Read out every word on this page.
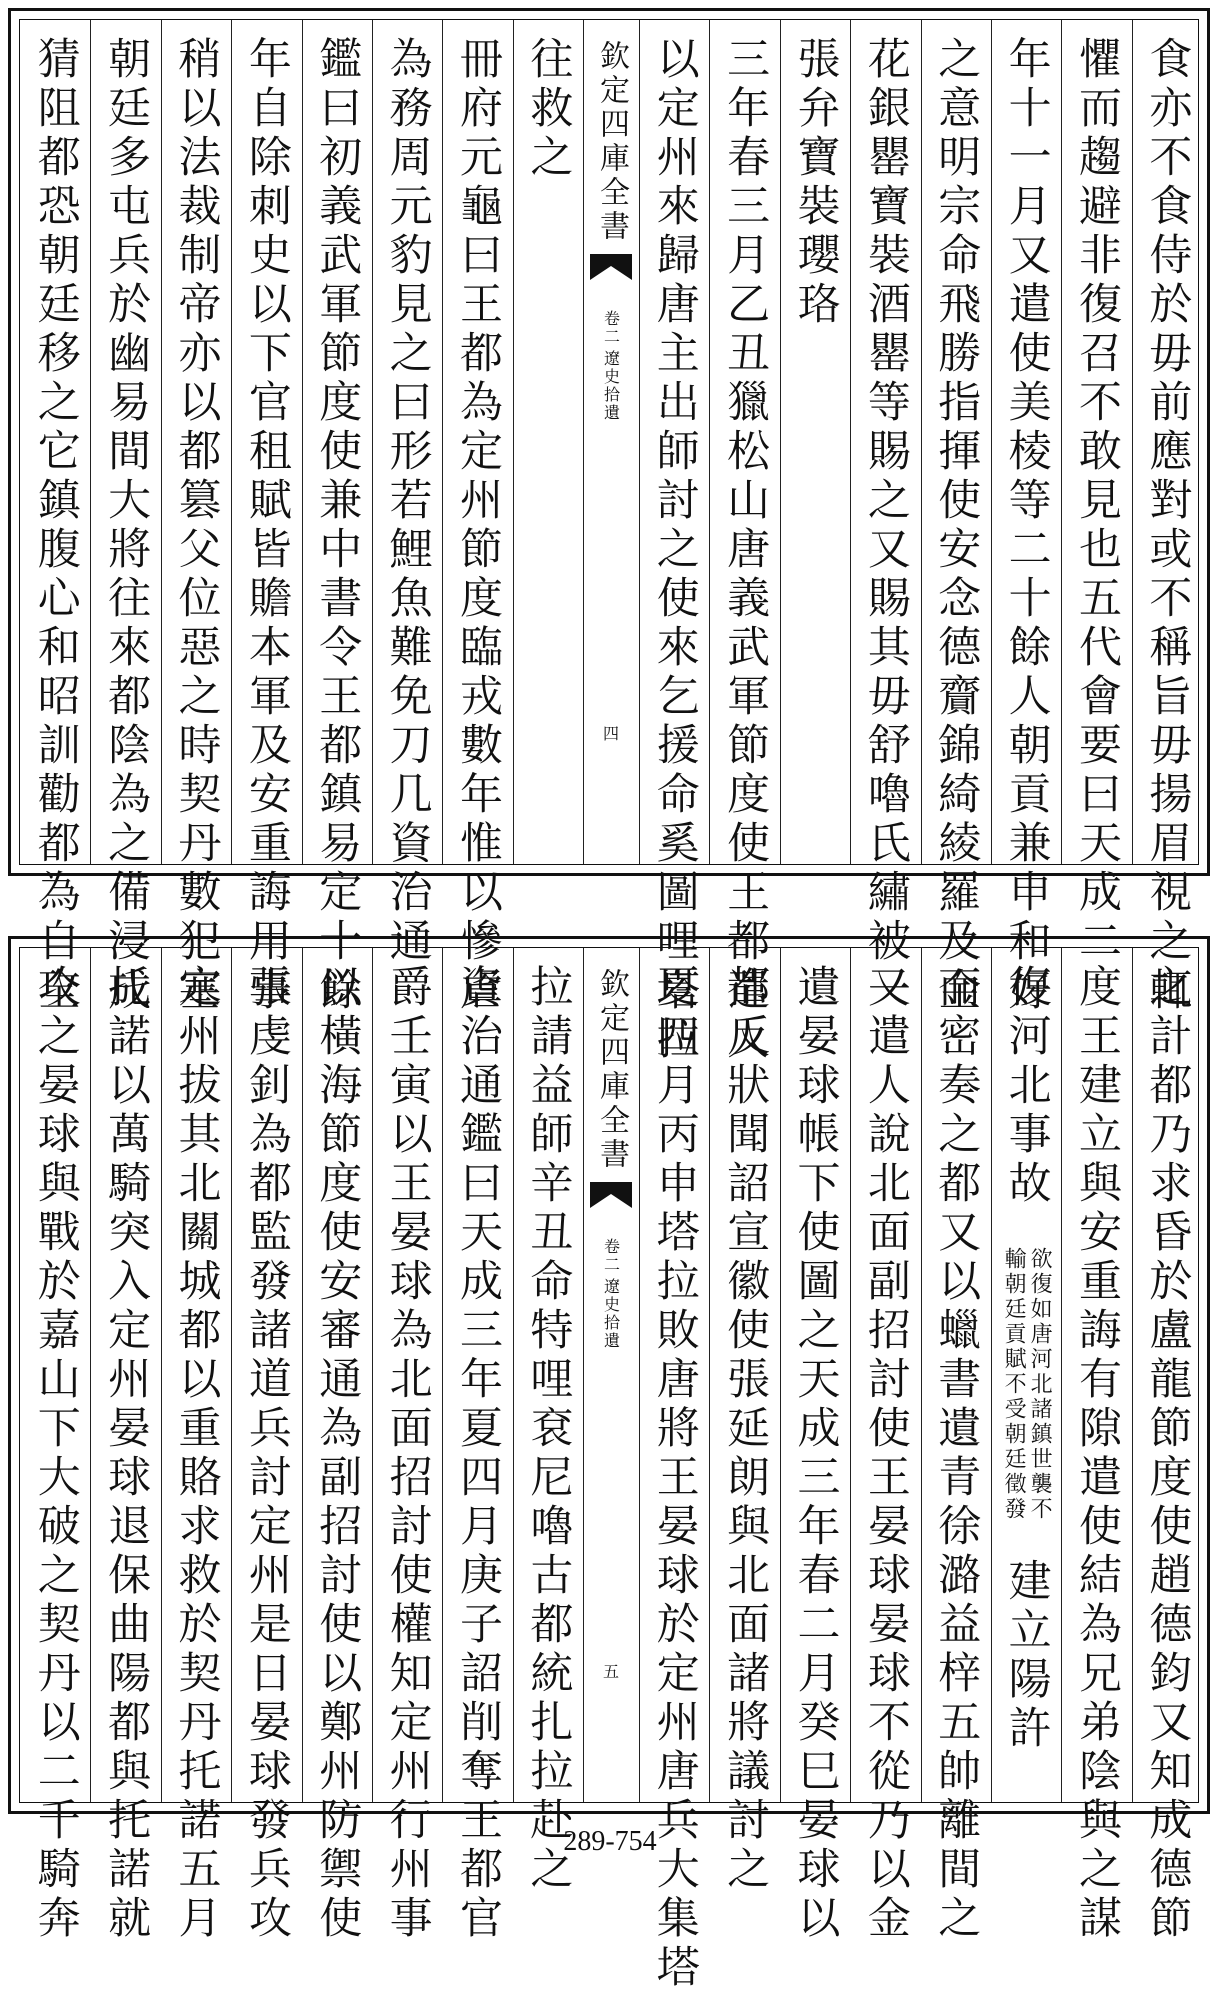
食亦不食侍於毋前應對或不稱旨毋揚眉視之輒
懼而趨避非復召不敢見也
五代會要曰天成二
年十一月又遣使美棱等二十餘人朝貢兼申和好
之意明宗命飛勝指揮使安念德齎錦綺綾羅及金
花銀罌寶裝酒罌等賜之又賜其毋舒嚕氏繡被一
張弁寶裝瓔珞
三年春三月乙丑獵松山唐義武軍節度使王都遣人
以定州來歸唐主出師討之使來乞援命奚圖哩塔拉
往救之
冊府元龜曰王都為定州節度臨戎數年惟以慘虐
為務周元豹見之曰形若鯉魚難免刀几
資治通
鑑曰初義武軍節度使兼中書令王都鎮易定十餘
年自除刺史以下官租賦皆贍本軍及安重誨用事
稍以法裁制帝亦以都篡父位惡之時契丹數犯塞
朝廷多屯兵於幽易間大將往來都陰為之備浸成
猜阻都恐朝廷移之它鎮腹心和昭訓勸都為自全	欽定四庫全書
遼史拾遺
卷二
四
之計都乃求昏於盧龍節度使趙德鈞又知成德節
度王建立與安重誨有隙遣使結為兄弟陰與之謀
復河北事故
欲復如唐河北諸鎮世襲不
輸朝廷貢賦不受朝廷徵發
建立陽許
而密奏之都又以蠟書遺青徐潞益梓五帥離間之
又遣人說北面副招討使王晏球晏球不從乃以金
遺晏球帳下使圖之天成三年春二月癸巳晏球以
都反狀聞詔宣徽使張延朗與北面諸將議討之
夏四月丙申塔拉敗唐將王晏球於定州唐兵大集塔
拉請益師辛丑命特哩袞尼嚕古都統扎拉赴之
資治通鑑曰天成三年夏四月庚子詔削奪王都官
爵壬寅以王晏球為北面招討使權知定州行州事
以橫海節度使安審通為副招討使以鄭州防禦使
張虔釗為都監發諸道兵討定州是日晏球發兵攻
定州拔其北關城都以重賂求救於契丹托諾五月
托諾以萬騎突入定州晏球退保曲陽都與托諾就
攻之晏球與戰於嘉山下大破之契丹以二千騎奔	欽定四庫全書
遼史拾遺
卷二
五
289-754
